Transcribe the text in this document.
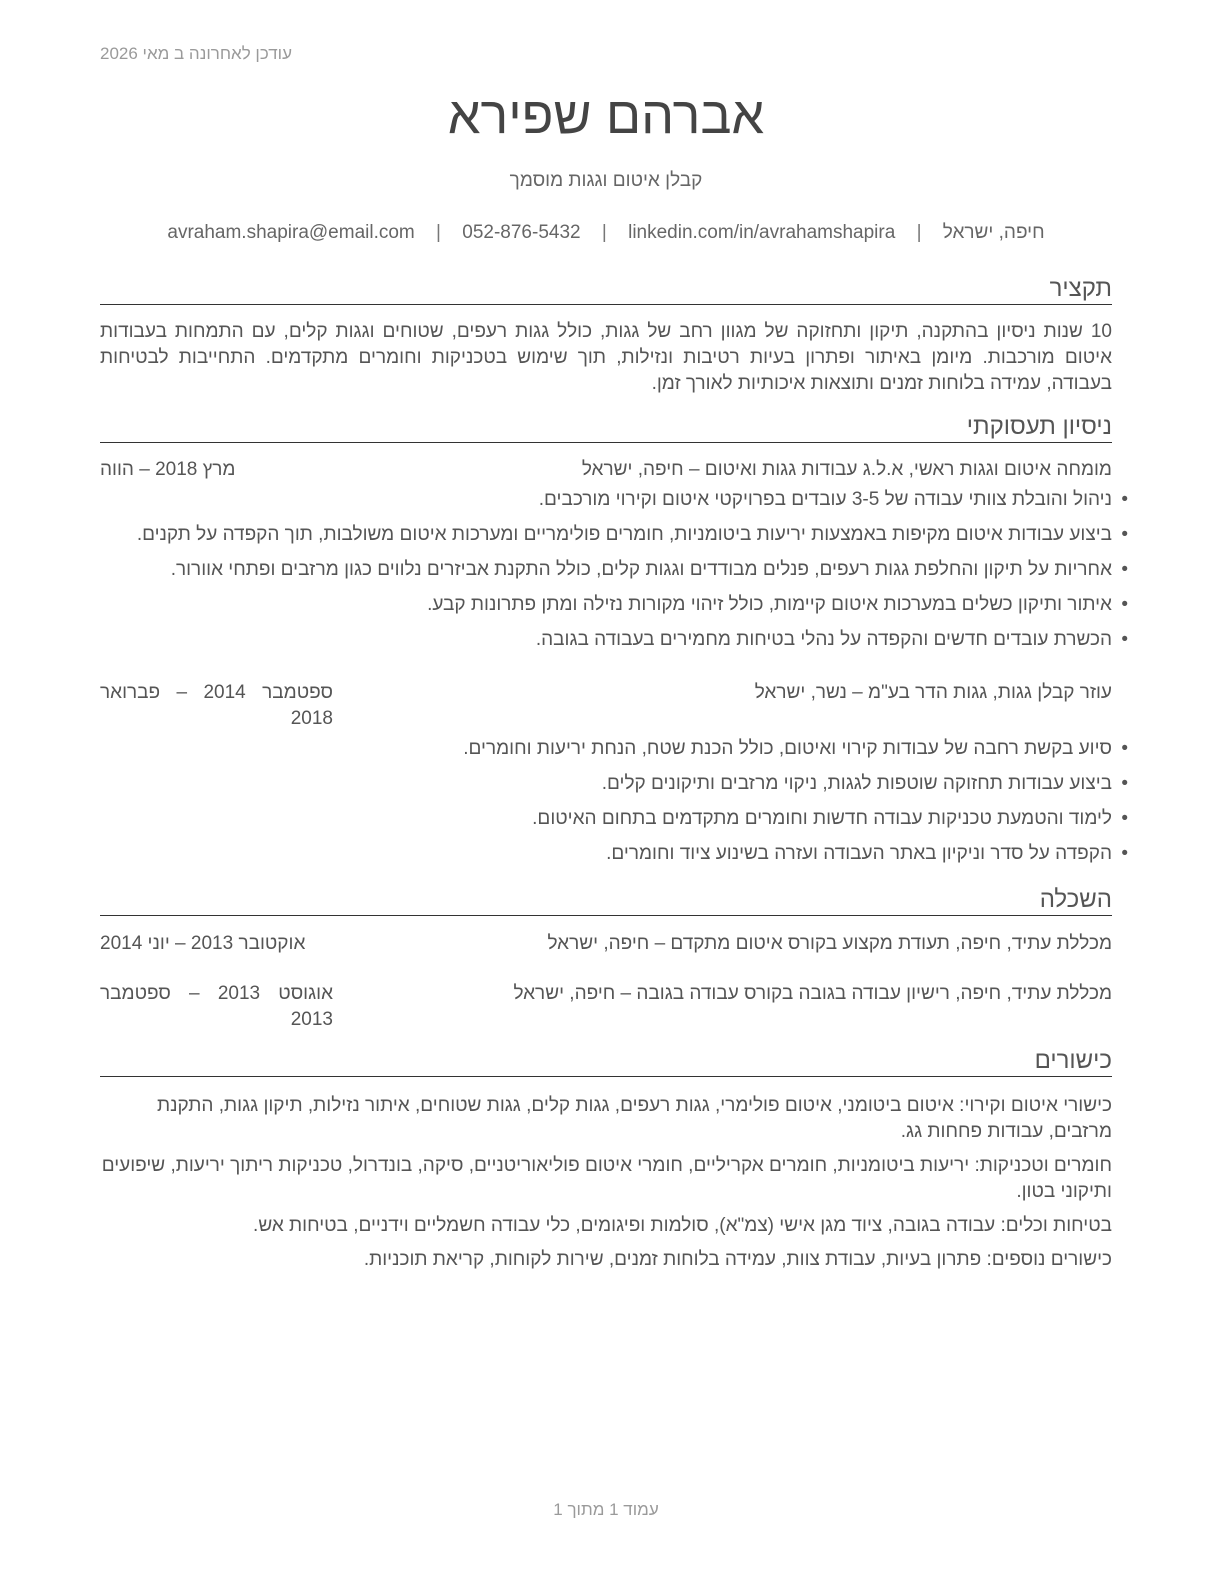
עודכן לאחרונה ב מאי 2026
אברהם שפירא
קבלן איטום וגגות מוסמך
חיפה, ישראל | avraham.shapira@email.com | 052-876-5432 | linkedin.com/in/avrahamshapira
תקציר
10 שנות ניסיון בהתקנה, תיקון ותחזוקה של מגוון רחב של גגות, כולל גגות רעפים, שטוחים וגגות קלים, עם התמחות בעבודות איטום מורכבות. מיומן באיתור ופתרון בעיות רטיבות ונזילות, תוך שימוש בטכניקות וחומרים מתקדמים. התחייבות לבטיחות בעבודה, עמידה בלוחות זמנים ותוצאות איכותיות לאורך זמן.
ניסיון תעסוקתי
מומחה איטום וגגות ראשי, א.ל.ג עבודות גגות ואיטום – חיפה, ישראל
מרץ 2018 – הווה
•
ניהול והובלת צוותי עבודה של 3-5 עובדים בפרויקטי איטום וקירוי מורכבים.
•
ביצוע עבודות איטום מקיפות באמצעות יריעות ביטומניות, חומרים פולימריים ומערכות איטום משולבות, תוך הקפדה על תקנים.
•
אחריות על תיקון והחלפת גגות רעפים, פנלים מבודדים וגגות קלים, כולל התקנת אביזרים נלווים כגון מרזבים ופתחי אוורור.
•
איתור ותיקון כשלים במערכות איטום קיימות, כולל זיהוי מקורות נזילה ומתן פתרונות קבע.
•
הכשרת עובדים חדשים והקפדה על נהלי בטיחות מחמירים בעבודה בגובה.
עוזר קבלן גגות, גגות הדר בע"מ – נשר, ישראל
ספטמבר 2014 – פברואר 2018
•
סיוע בקשת רחבה של עבודות קירוי ואיטום, כולל הכנת שטח, הנחת יריעות וחומרים.
•
ביצוע עבודות תחזוקה שוטפות לגגות, ניקוי מרזבים ותיקונים קלים.
•
לימוד והטמעת טכניקות עבודה חדשות וחומרים מתקדמים בתחום האיטום.
•
הקפדה על סדר וניקיון באתר העבודה ועזרה בשינוע ציוד וחומרים.
השכלה
מכללת עתיד, חיפה, תעודת מקצוע בקורס איטום מתקדם – חיפה, ישראל
אוקטובר 2013 – יוני 2014
מכללת עתיד, חיפה, רישיון עבודה בגובה בקורס עבודה בגובה – חיפה, ישראל
אוגוסט 2013 – ספטמבר 2013
כישורים
כישורי איטום וקירוי: איטום ביטומני, איטום פולימרי, גגות רעפים, גגות קלים, גגות שטוחים, איתור נזילות, תיקון גגות, התקנת מרזבים, עבודות פחחות גג.
חומרים וטכניקות: יריעות ביטומניות, חומרים אקריליים, חומרי איטום פוליאוריטניים, סיקה, בונדרול, טכניקות ריתוך יריעות, שיפועים ותיקוני בטון.
בטיחות וכלים: עבודה בגובה, ציוד מגן אישי (צמ"א), סולמות ופיגומים, כלי עבודה חשמליים וידניים, בטיחות אש.
כישורים נוספים: פתרון בעיות, עבודת צוות, עמידה בלוחות זמנים, שירות לקוחות, קריאת תוכניות.
עמוד 1 מתוך 1
